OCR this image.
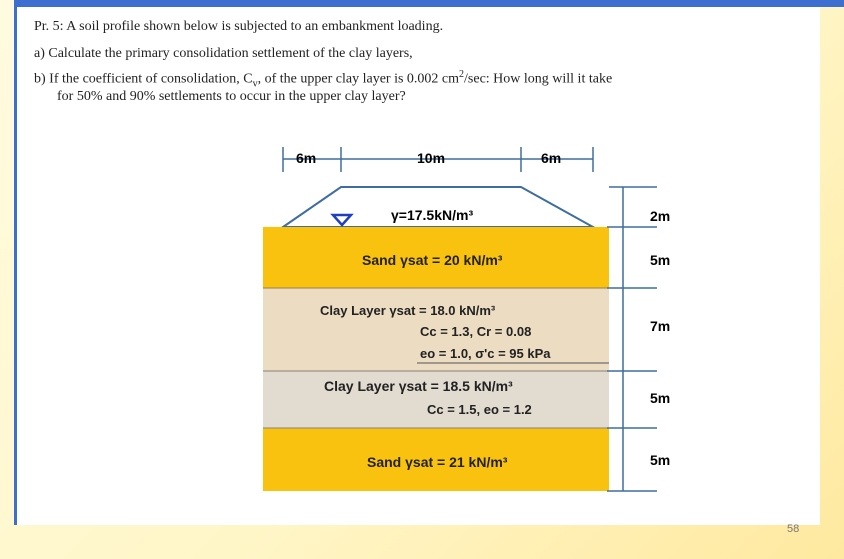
Pr. 5: A soil profile shown below is subjected to an embankment loading.
a) Calculate the primary consolidation settlement of the clay layers,
b) If the coefficient of consolidation, $C_v$, of the upper clay layer is 0.002 $cm^2/\sec$: How long will it take
for 50% and 90% settlements to occur in the upper clay layer?
6m	10m	6m
γ=17.5kN/m³
Sand γsat = 20 kN/m³
Clay Layer γsat = 18.0 kN/m³
Cc = 1.3, Cr = 0.08
eo = 1.0, σ'c = 95 kPa
Clay Layer γsat = 18.5 kN/m³
Cc = 1.5, eo = 1.2
Sand γsat = 21 kN/m³
2m
5m
7m
5m
5m
58
